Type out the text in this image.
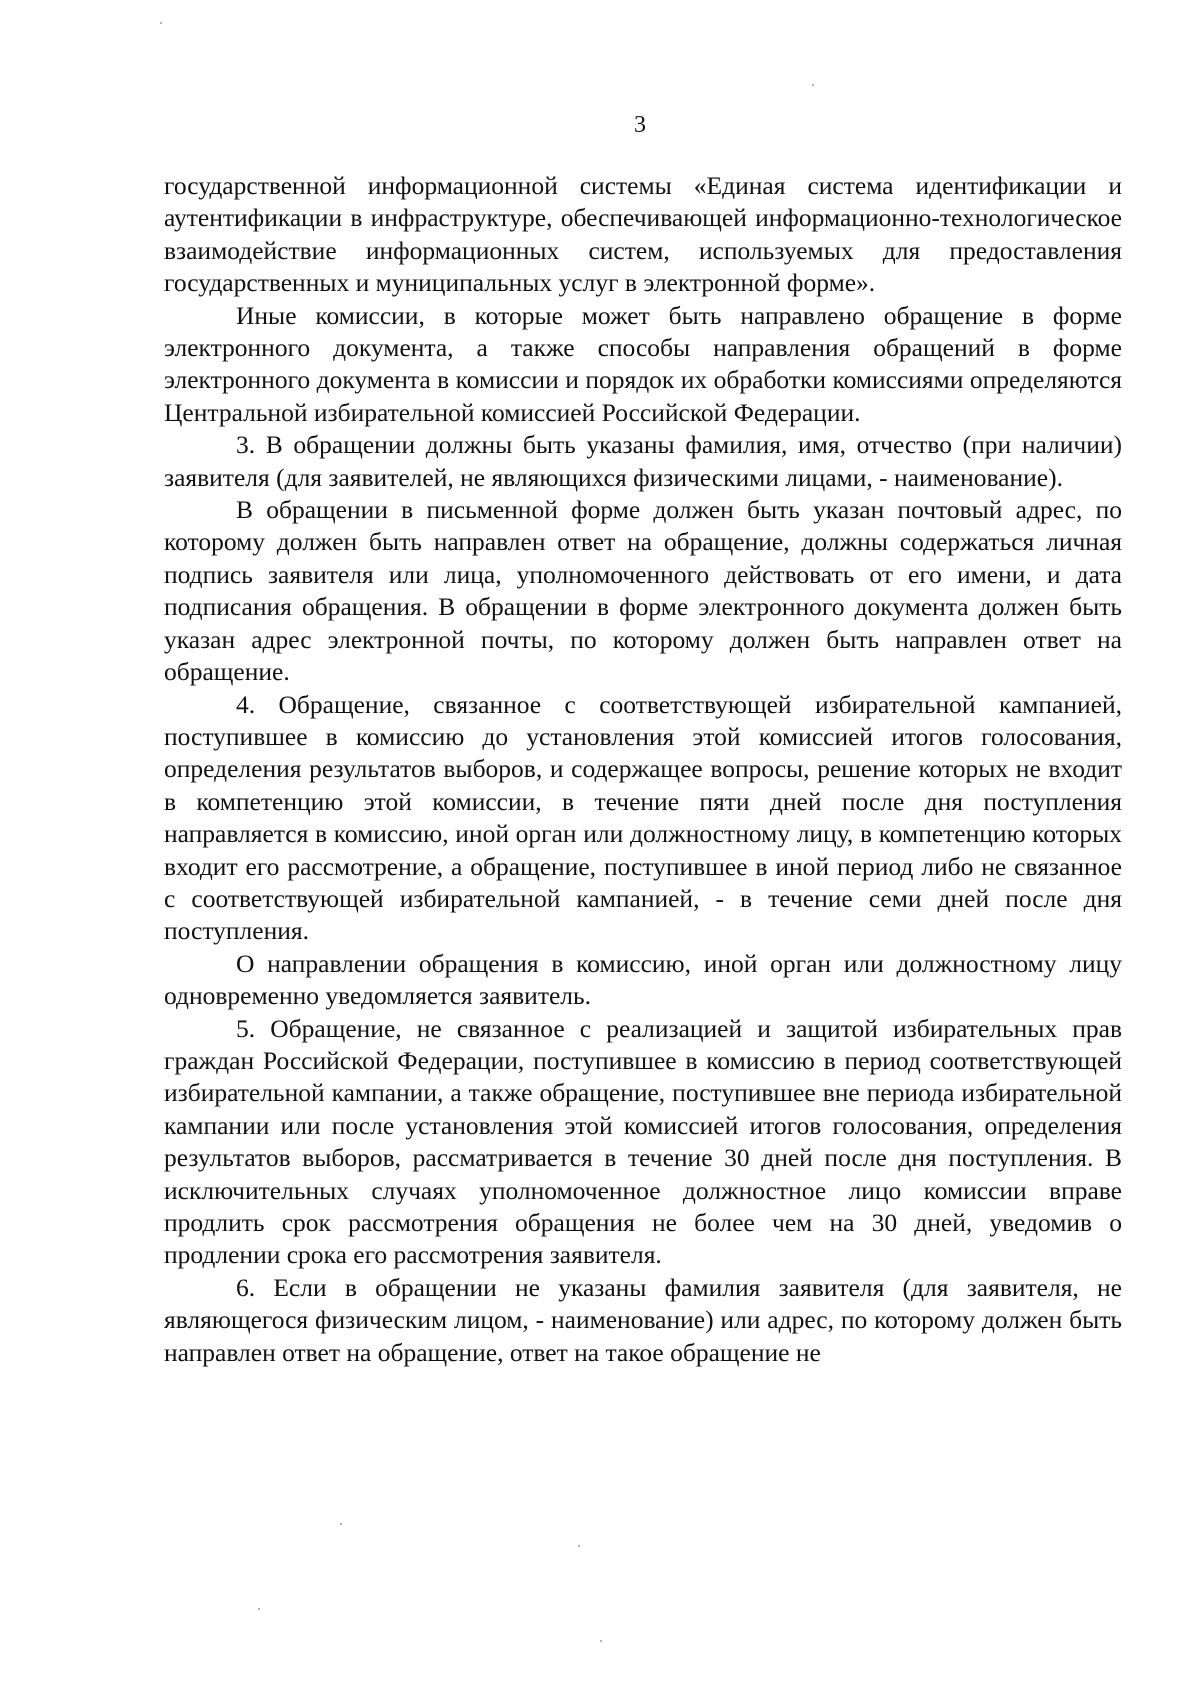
3

государственной информационной системы «Единая система идентификации и аутентификации в инфраструктуре, обеспечивающей информационно-технологическое взаимодействие информационных систем, используемых для предоставления государственных и муниципальных услуг в электронной форме».

Иные комиссии, в которые может быть направлено обращение в форме электронного документа, а также способы направления обращений в форме электронного документа в комиссии и порядок их обработки комиссиями определяются Центральной избирательной комиссией Российской Федерации.

3. В обращении должны быть указаны фамилия, имя, отчество (при наличии) заявителя (для заявителей, не являющихся физическими лицами, - наименование).

В обращении в письменной форме должен быть указан почтовый адрес, по которому должен быть направлен ответ на обращение, должны содержаться личная подпись заявителя или лица, уполномоченного действовать от его имени, и дата подписания обращения. В обращении в форме электронного документа должен быть указан адрес электронной почты, по которому должен быть направлен ответ на обращение.

4. Обращение, связанное с соответствующей избирательной кампанией, поступившее в комиссию до установления этой комиссией итогов голосования, определения результатов выборов, и содержащее вопросы, решение которых не входит в компетенцию этой комиссии, в течение пяти дней после дня поступления направляется в комиссию, иной орган или должностному лицу, в компетенцию которых входит его рассмотрение, а обращение, поступившее в иной период либо не связанное с соответствующей избирательной кампанией, - в течение семи дней после дня поступления.

О направлении обращения в комиссию, иной орган или должностному лицу одновременно уведомляется заявитель.

5. Обращение, не связанное с реализацией и защитой избирательных прав граждан Российской Федерации, поступившее в комиссию в период соответствующей избирательной кампании, а также обращение, поступившее вне периода избирательной кампании или после установления этой комиссией итогов голосования, определения результатов выборов, рассматривается в течение 30 дней после дня поступления. В исключительных случаях уполномоченное должностное лицо комиссии вправе продлить срок рассмотрения обращения не более чем на 30 дней, уведомив о продлении срока его рассмотрения заявителя.

6. Если в обращении не указаны фамилия заявителя (для заявителя, не являющегося физическим лицом, - наименование) или адрес, по которому должен быть направлен ответ на обращение, ответ на такое обращение не
